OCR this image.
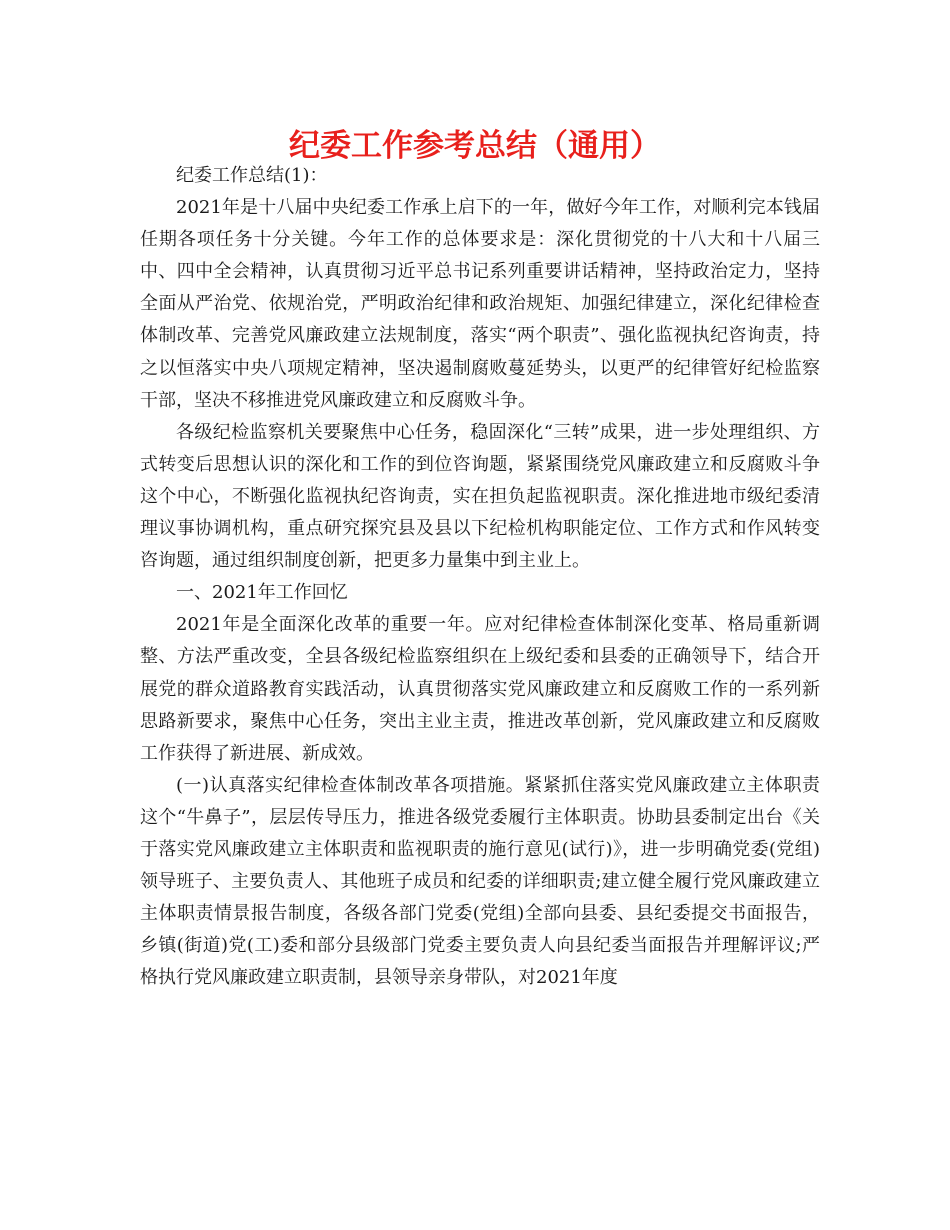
纪委工作参考总结（通用）

纪委工作总结(1)：

2021年是十八届中央纪委工作承上启下的一年，做好今年工作，对顺利完本钱届任期各项任务十分关键。今年工作的总体要求是：深化贯彻党的十八大和十八届三中、四中全会精神，认真贯彻习近平总书记系列重要讲话精神，坚持政治定力，坚持全面从严治党、依规治党，严明政治纪律和政治规矩、加强纪律建立，深化纪律检查体制改革、完善党风廉政建立法规制度，落实“两个职责”、强化监视执纪咨询责，持之以恒落实中央八项规定精神，坚决遏制腐败蔓延势头，以更严的纪律管好纪检监察干部，坚决不移推进党风廉政建立和反腐败斗争。

各级纪检监察机关要聚焦中心任务，稳固深化“三转”成果，进一步处理组织、方式转变后思想认识的深化和工作的到位咨询题，紧紧围绕党风廉政建立和反腐败斗争这个中心，不断强化监视执纪咨询责，实在担负起监视职责。深化推进地市级纪委清理议事协调机构，重点研究探究县及县以下纪检机构职能定位、工作方式和作风转变咨询题，通过组织制度创新，把更多力量集中到主业上。

一、2021年工作回忆

2021年是全面深化改革的重要一年。应对纪律检查体制深化变革、格局重新调整、方法严重改变，全县各级纪检监察组织在上级纪委和县委的正确领导下，结合开展党的群众道路教育实践活动，认真贯彻落实党风廉政建立和反腐败工作的一系列新思路新要求，聚焦中心任务，突出主业主责，推进改革创新，党风廉政建立和反腐败工作获得了新进展、新成效。

(一)认真落实纪律检查体制改革各项措施。紧紧抓住落实党风廉政建立主体职责这个“牛鼻子”，层层传导压力，推进各级党委履行主体职责。协助县委制定出台《关于落实党风廉政建立主体职责和监视职责的施行意见(试行)》，进一步明确党委(党组)领导班子、主要负责人、其他班子成员和纪委的详细职责;建立健全履行党风廉政建立主体职责情景报告制度，各级各部门党委(党组)全部向县委、县纪委提交书面报告，乡镇(街道)党(工)委和部分县级部门党委主要负责人向县纪委当面报告并理解评议;严格执行党风廉政建立职责制，县领导亲身带队，对2021年度
